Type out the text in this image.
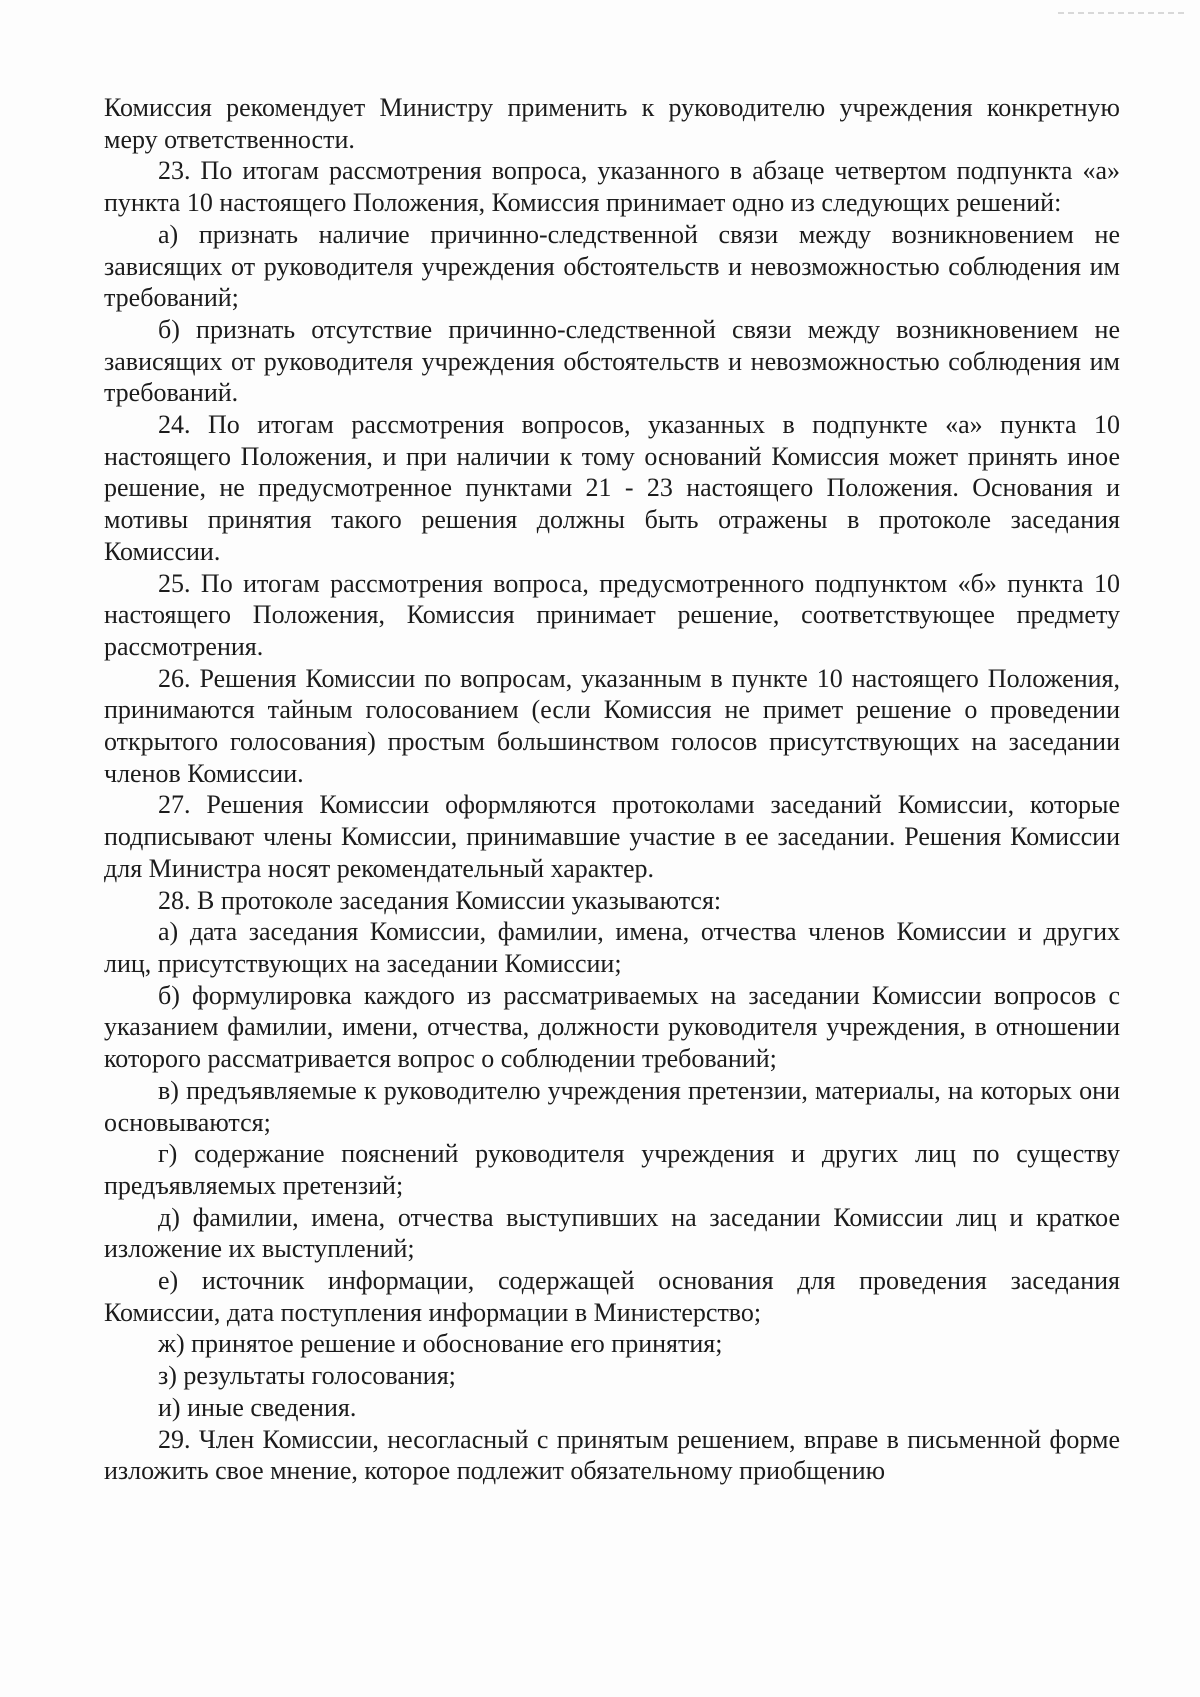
Комиссия рекомендует Министру применить к руководителю учреждения конкретную меру ответственности.

23. По итогам рассмотрения вопроса, указанного в абзаце четвертом подпункта «а» пункта 10 настоящего Положения, Комиссия принимает одно из следующих решений:

а) признать наличие причинно-следственной связи между возникновением не зависящих от руководителя учреждения обстоятельств и невозможностью соблюдения им требований;

б) признать отсутствие причинно-следственной связи между возникновением не зависящих от руководителя учреждения обстоятельств и невозможностью соблюдения им требований.

24. По итогам рассмотрения вопросов, указанных в подпункте «а» пункта 10 настоящего Положения, и при наличии к тому оснований Комиссия может принять иное решение, не предусмотренное пунктами 21 - 23 настоящего Положения. Основания и мотивы принятия такого решения должны быть отражены в протоколе заседания Комиссии.

25. По итогам рассмотрения вопроса, предусмотренного подпунктом «б» пункта 10 настоящего Положения, Комиссия принимает решение, соответствующее предмету рассмотрения.

26. Решения Комиссии по вопросам, указанным в пункте 10 настоящего Положения, принимаются тайным голосованием (если Комиссия не примет решение о проведении открытого голосования) простым большинством голосов присутствующих на заседании членов Комиссии.

27. Решения Комиссии оформляются протоколами заседаний Комиссии, которые подписывают члены Комиссии, принимавшие участие в ее заседании. Решения Комиссии для Министра носят рекомендательный характер.

28. В протоколе заседания Комиссии указываются:

а) дата заседания Комиссии, фамилии, имена, отчества членов Комиссии и других лиц, присутствующих на заседании Комиссии;

б) формулировка каждого из рассматриваемых на заседании Комиссии вопросов с указанием фамилии, имени, отчества, должности руководителя учреждения, в отношении которого рассматривается вопрос о соблюдении требований;

в) предъявляемые к руководителю учреждения претензии, материалы, на которых они основываются;

г) содержание пояснений руководителя учреждения и других лиц по существу предъявляемых претензий;

д) фамилии, имена, отчества выступивших на заседании Комиссии лиц и краткое изложение их выступлений;

е) источник информации, содержащей основания для проведения заседания Комиссии, дата поступления информации в Министерство;

ж) принятое решение и обоснование его принятия;

з) результаты голосования;

и) иные сведения.

29. Член Комиссии, несогласный с принятым решением, вправе в письменной форме изложить свое мнение, которое подлежит обязательному приобщению
